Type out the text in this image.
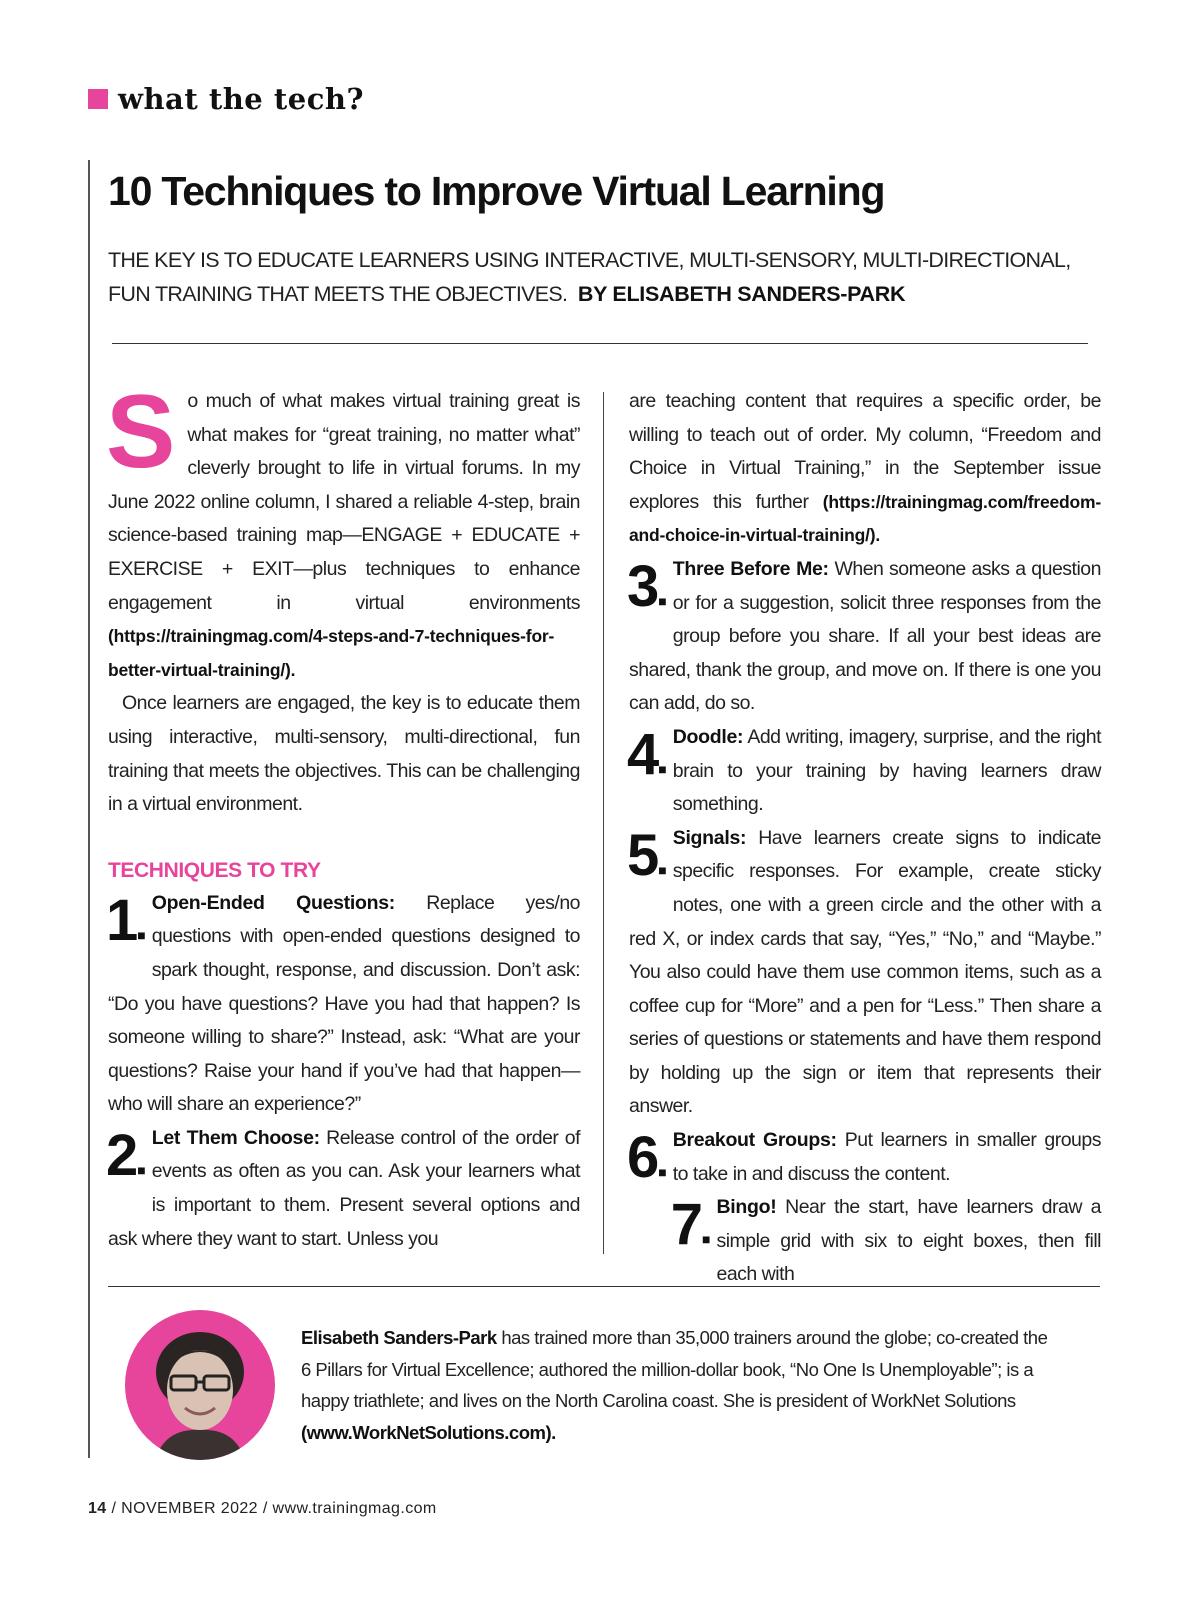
what the tech?
10 Techniques to Improve Virtual Learning
THE KEY IS TO EDUCATE LEARNERS USING INTERACTIVE, MULTI-SENSORY, MULTI-DIRECTIONAL, FUN TRAINING THAT MEETS THE OBJECTIVES. BY ELISABETH SANDERS-PARK

So much of what makes virtual training great is what makes for “great training, no matter what” cleverly brought to life in virtual forums. In my June 2022 online column, I shared a reliable 4-step, brain science-based training map—ENGAGE + EDUCATE + EXERCISE + EXIT—plus techniques to enhance engagement in virtual environments (https://trainingmag.com/4-steps-and-7-techniques-for-better-virtual-training/).

Once learners are engaged, the key is to educate them using interactive, multi-sensory, multi-directional, fun training that meets the objectives. This can be challenging in a virtual environment.

TECHNIQUES TO TRY

1■
Open-Ended Questions: Replace yes/no questions with open-ended questions designed to spark thought, response, and discussion. Don’t ask: “Do you have questions? Have you had that happen? Is someone willing to share?” Instead, ask: “What are your questions? Raise your hand if you’ve had that happen—who will share an experience?”

2■
Let Them Choose: Release control of the order of events as often as you can. Ask your learners what is important to them. Present several options and ask where they want to start. Unless you

are teaching content that requires a specific order, be willing to teach out of order. My column, “Freedom and Choice in Virtual Training,” in the September issue explores this further (https://trainingmag.com/freedom-and-choice-in-virtual-training/).

3■
Three Before Me: When someone asks a question or for a suggestion, solicit three responses from the group before you share. If all your best ideas are shared, thank the group, and move on. If there is one you can add, do so.

4■
Doodle: Add writing, imagery, surprise, and the right brain to your training by having learners draw something.

5■
Signals: Have learners create signs to indicate specific responses. For example, create sticky notes, one with a green circle and the other with a red X, or index cards that say, “Yes,” “No,” and “Maybe.” You also could have them use common items, such as a coffee cup for “More” and a pen for “Less.” Then share a series of questions or statements and have them respond by holding up the sign or item that represents their answer.

6■
Breakout Groups: Put learners in smaller groups to take in and discuss the content.

7■
Bingo! Near the start, have learners draw a simple grid with six to eight boxes, then fill each with

Elisabeth Sanders-Park has trained more than 35,000 trainers around the globe; co-created the 6 Pillars for Virtual Excellence; authored the million-dollar book, “No One Is Unemployable”; is a happy triathlete; and lives on the North Carolina coast. She is president of WorkNet Solutions (www.WorkNetSolutions.com).
14 / NOVEMBER 2022 / www.trainingmag.com
